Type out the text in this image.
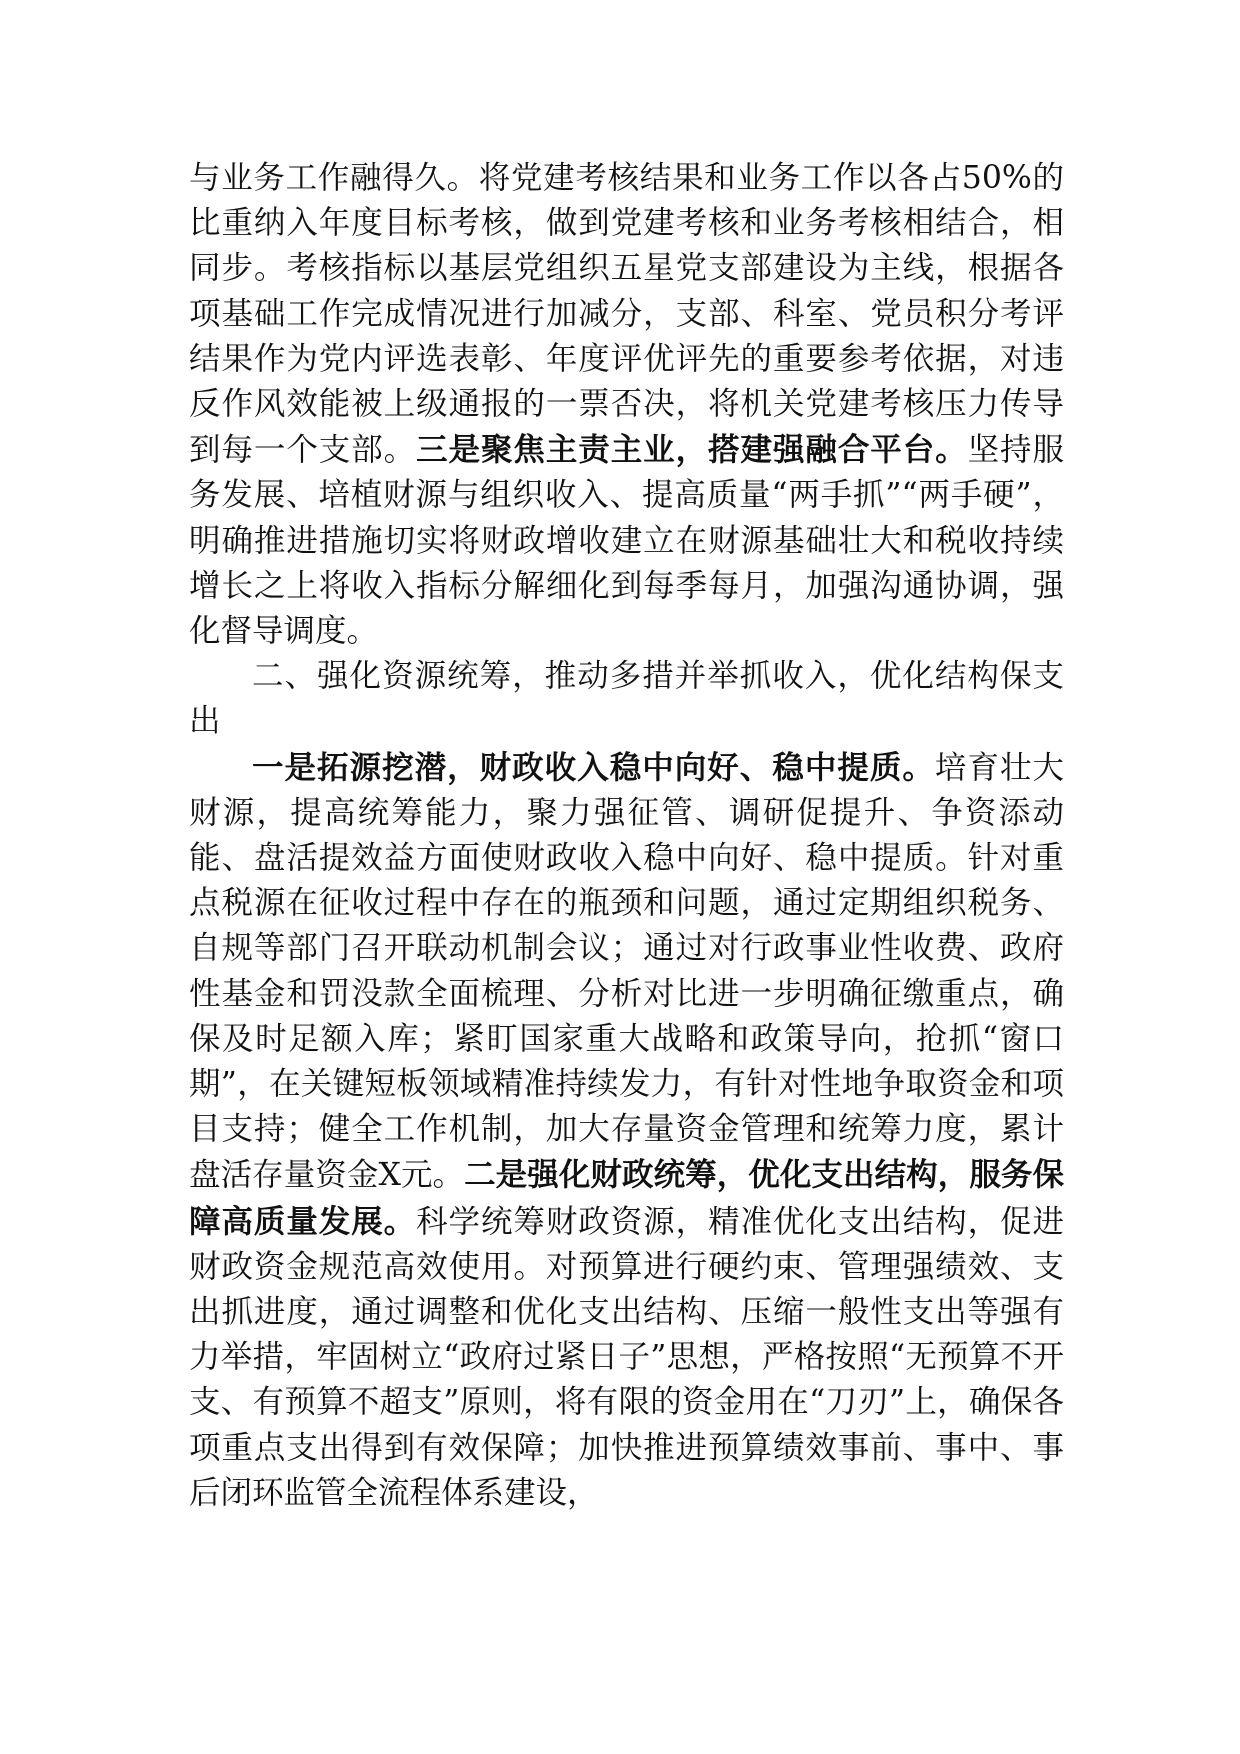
与业务工作融得久。将党建考核结果和业务工作以各占50%的比重纳入年度目标考核，做到党建考核和业务考核相结合，相同步。考核指标以基层党组织五星党支部建设为主线，根据各项基础工作完成情况进行加减分，支部、科室、党员积分考评结果作为党内评选表彰、年度评优评先的重要参考依据，对违反作风效能被上级通报的一票否决，将机关党建考核压力传导到每一个支部。三是聚焦主责主业，搭建强融合平台。坚持服务发展、培植财源与组织收入、提高质量“两手抓”“两手硬”，明确推进措施切实将财政增收建立在财源基础壮大和税收持续增长之上将收入指标分解细化到每季每月，加强沟通协调，强化督导调度。

二、强化资源统筹，推动多措并举抓收入，优化结构保支出

一是拓源挖潜，财政收入稳中向好、稳中提质。培育壮大财源，提高统筹能力，聚力强征管、调研促提升、争资添动能、盘活提效益方面使财政收入稳中向好、稳中提质。针对重点税源在征收过程中存在的瓶颈和问题，通过定期组织税务、自规等部门召开联动机制会议；通过对行政事业性收费、政府性基金和罚没款全面梳理、分析对比进一步明确征缴重点，确保及时足额入库；紧盯国家重大战略和政策导向，抢抓“窗口期”，在关键短板领域精准持续发力，有针对性地争取资金和项目支持；健全工作机制，加大存量资金管理和统筹力度，累计盘活存量资金X元。二是强化财政统筹，优化支出结构，服务保障高质量发展。科学统筹财政资源，精准优化支出结构，促进财政资金规范高效使用。对预算进行硬约束、管理强绩效、支出抓进度，通过调整和优化支出结构、压缩一般性支出等强有力举措，牢固树立“政府过紧日子”思想，严格按照“无预算不开支、有预算不超支”原则，将有限的资金用在“刀刃”上，确保各项重点支出得到有效保障；加快推进预算绩效事前、事中、事后闭环监管全流程体系建设，
